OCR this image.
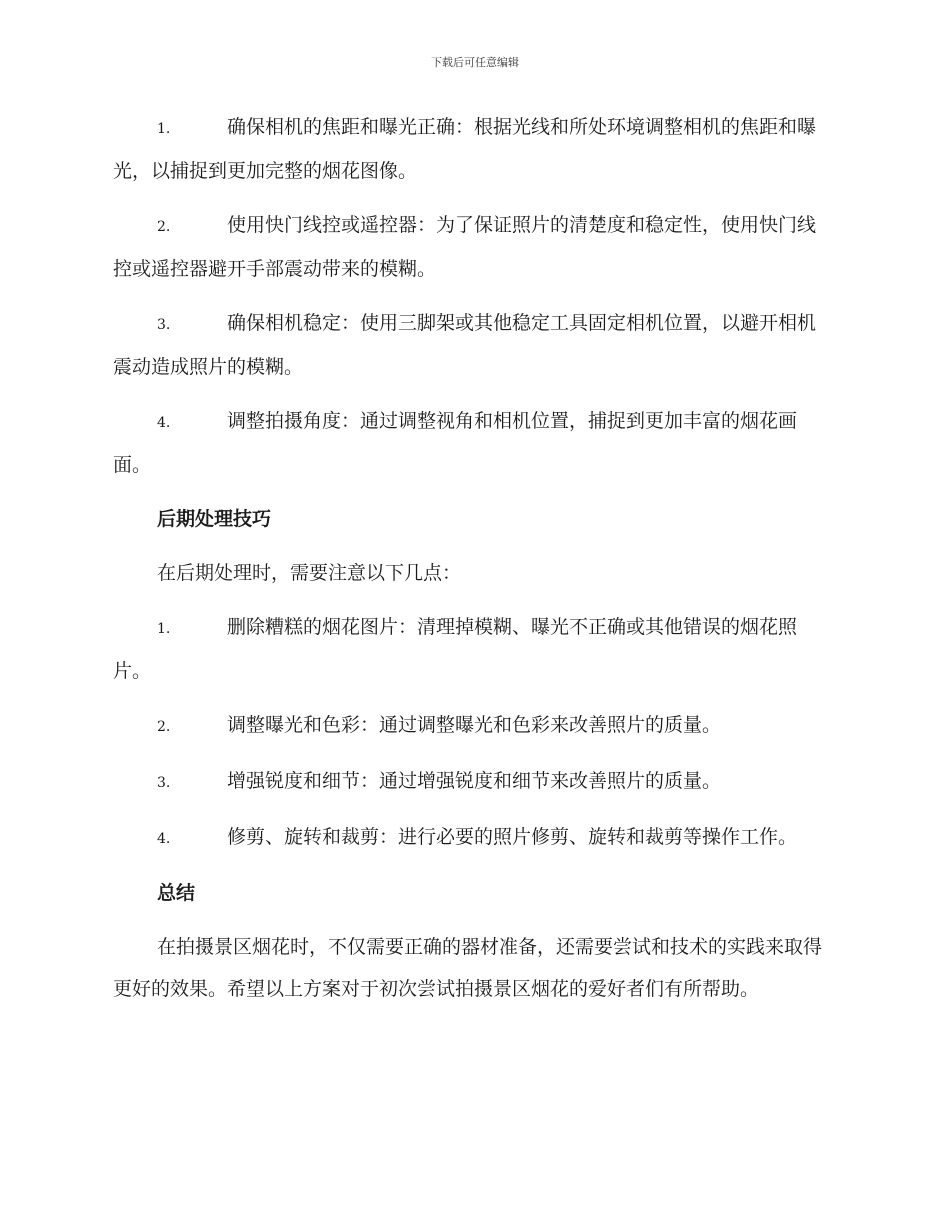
下载后可任意编辑

1.	确保相机的焦距和曝光正确：根据光线和所处环境调整相机的焦距和曝光，以捕捉到更加完整的烟花图像。

2.	使用快门线控或遥控器：为了保证照片的清楚度和稳定性，使用快门线控或遥控器避开手部震动带来的模糊。

3.	确保相机稳定：使用三脚架或其他稳定工具固定相机位置，以避开相机震动造成照片的模糊。

4.	调整拍摄角度：通过调整视角和相机位置，捕捉到更加丰富的烟花画面。

后期处理技巧

在后期处理时，需要注意以下几点：

1.	删除糟糕的烟花图片：清理掉模糊、曝光不正确或其他错误的烟花照片。

2.	调整曝光和色彩：通过调整曝光和色彩来改善照片的质量。

3.	增强锐度和细节：通过增强锐度和细节来改善照片的质量。

4.	修剪、旋转和裁剪：进行必要的照片修剪、旋转和裁剪等操作工作。

总结

在拍摄景区烟花时，不仅需要正确的器材准备，还需要尝试和技术的实践来取得更好的效果。希望以上方案对于初次尝试拍摄景区烟花的爱好者们有所帮助。
